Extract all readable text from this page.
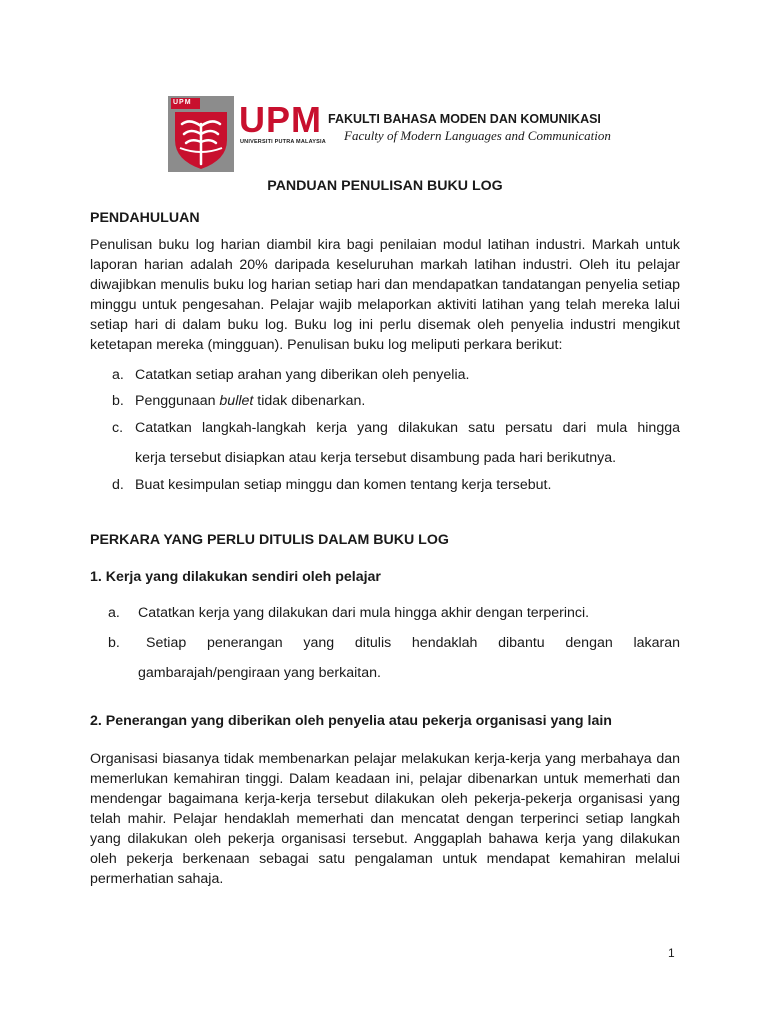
UPM UPM
UNIVERSITI PUTRA MALAYSIA
FAKULTI BAHASA MODEN DAN KOMUNIKASI
Faculty of Modern Languages and Communication
PANDUAN PENULISAN BUKU LOG
PENDAHULUAN

Penulisan buku log harian diambil kira bagi penilaian modul latihan industri. Markah untuk laporan harian adalah 20% daripada keseluruhan markah latihan industri. Oleh itu pelajar diwajibkan menulis buku log harian setiap hari dan mendapatkan tandatangan penyelia setiap minggu untuk pengesahan. Pelajar wajib melaporkan aktiviti latihan yang telah mereka lalui setiap hari di dalam buku log. Buku log ini perlu disemak oleh penyelia industri mengikut ketetapan mereka (mingguan). Penulisan buku log meliputi perkara berikut:

a. Catatkan setiap arahan yang diberikan oleh penyelia.
b. Penggunaan bullet tidak dibenarkan.
c. Catatkan langkah-langkah kerja yang dilakukan satu persatu dari mula hingga
kerja tersebut disiapkan atau kerja tersebut disambung pada hari berikutnya.
d. Buat kesimpulan setiap minggu dan komen tentang kerja tersebut.
PERKARA YANG PERLU DITULIS DALAM BUKU LOG
1. Kerja yang dilakukan sendiri oleh pelajar
a. Catatkan kerja yang dilakukan dari mula hingga akhir dengan terperinci.
b.	Setiap penerangan yang ditulis hendaklah dibantu dengan lakaran
gambarajah/pengiraan yang berkaitan.
2. Penerangan yang diberikan oleh penyelia atau pekerja organisasi yang lain

Organisasi biasanya tidak membenarkan pelajar melakukan kerja-kerja yang merbahaya dan memerlukan kemahiran tinggi. Dalam keadaan ini, pelajar dibenarkan untuk memerhati dan mendengar bagaimana kerja-kerja tersebut dilakukan oleh pekerja-pekerja organisasi yang telah mahir. Pelajar hendaklah memerhati dan mencatat dengan terperinci setiap langkah yang dilakukan oleh pekerja organisasi tersebut. Anggaplah bahawa kerja yang dilakukan oleh pekerja berkenaan sebagai satu pengalaman untuk mendapat kemahiran melalui permerhatian sahaja.

1
